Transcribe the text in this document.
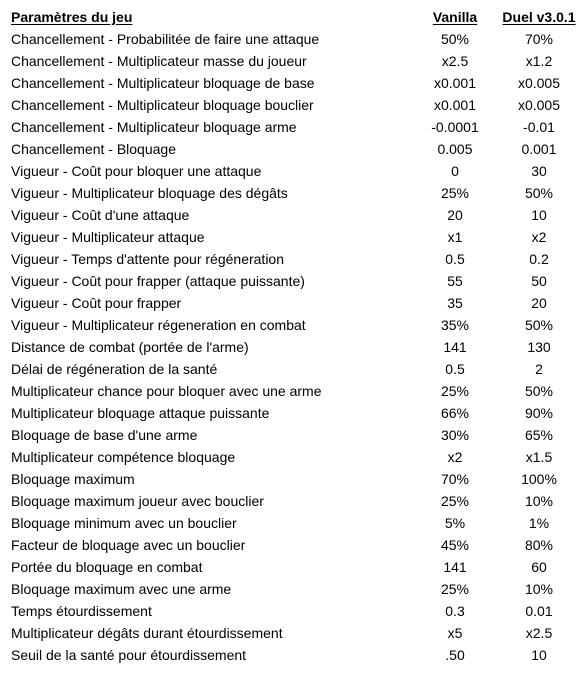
Paramètres du jeu	Vanilla	Duel v3.0.1
Chancellement - Probabilitée de faire une attaque	50%	70%
Chancellement - Multiplicateur masse du joueur	x2.5	x1.2
Chancellement - Multiplicateur bloquage de base	x0.001	x0.005
Chancellement - Multiplicateur bloquage bouclier	x0.001	x0.005
Chancellement - Multiplicateur bloquage arme	-0.0001	-0.01
Chancellement - Bloquage	0.005	0.001
Vigueur - Coût pour bloquer une attaque	0	30
Vigueur - Multiplicateur bloquage des dégâts	25%	50%
Vigueur - Coût d'une attaque	20	10
Vigueur - Multiplicateur attaque	x1	x2
Vigueur - Temps d'attente pour régéneration	0.5	0.2
Vigueur - Coût pour frapper (attaque puissante)	55	50
Vigueur - Coût pour frapper	35	20
Vigueur - Multiplicateur régeneration en combat	35%	50%
Distance de combat (portée de l'arme)	141	130
Délai de régéneration de la santé	0.5	2
Multiplicateur chance pour bloquer avec une arme	25%	50%
Multiplicateur bloquage attaque puissante	66%	90%
Bloquage de base d'une arme	30%	65%
Multiplicateur compétence bloquage	x2	x1.5
Bloquage maximum	70%	100%
Bloquage maximum joueur avec bouclier	25%	10%
Bloquage minimum avec un bouclier	5%	1%
Facteur de bloquage avec un bouclier	45%	80%
Portée du bloquage en combat	141	60
Bloquage maximum avec une arme	25%	10%
Temps étourdissement	0.3	0.01
Multiplicateur dégâts durant étourdissement	x5	x2.5
Seuil de la santé pour étourdissement	.50	10
